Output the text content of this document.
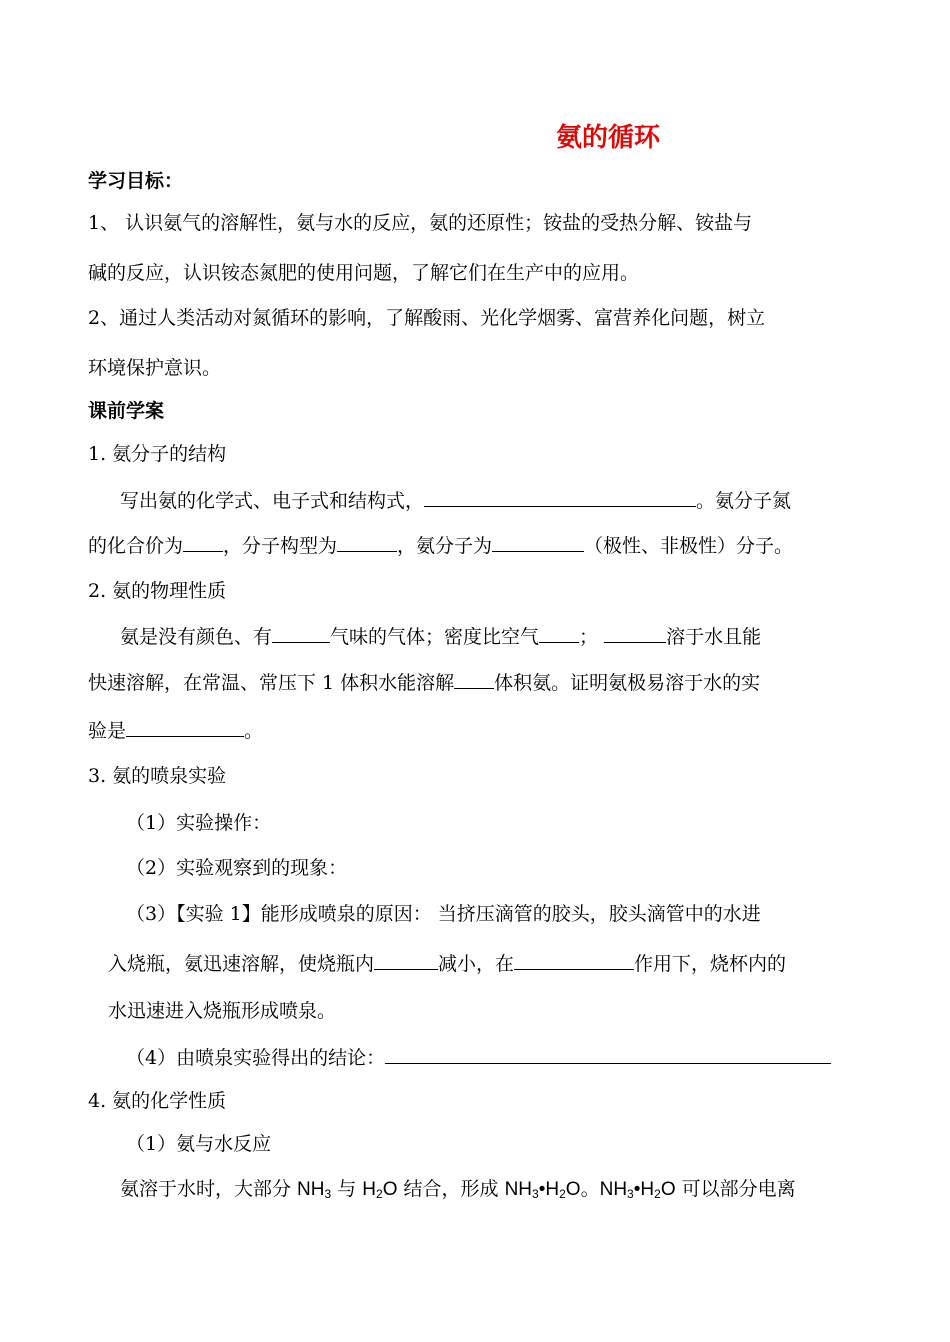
氨的循环
学习目标：
1、 认识氨气的溶解性，氨与水的反应，氨的还原性；铵盐的受热分解、铵盐与
碱的反应，认识铵态氮肥的使用问题，了解它们在生产中的应用。
2、通过人类活动对氮循环的影响，了解酸雨、光化学烟雾、富营养化问题，树立
环境保护意识。
课前学案
1. 氨分子的结构
写出氨的化学式、电子式和结构式，	。氨分子氮
的化合价为 ，分子构型为	，氨分子为	（极性、非极性）分子。
2. 氨的物理性质
氨是没有颜色、有	气味的气体；密度比空气 ；	溶于水且能
快速溶解，在常温、常压下 1 体积水能溶解 体积氨。证明氨极易溶于水的实
验是	。
3. 氨的喷泉实验
（1）实验操作：
（2）实验观察到的现象：
（3）【实验 1】能形成喷泉的原因： 当挤压滴管的胶头，胶头滴管中的水进
入烧瓶，氨迅速溶解，使烧瓶内	减小，在	作用下，烧杯内的
水迅速进入烧瓶形成喷泉。
（4）由喷泉实验得出的结论：
4. 氨的化学性质
（1）氨与水反应
氨溶于水时，大部分 $NH_3$ 与 $H_2O$ 结合，形成 $NH_3•H_2O$。$NH_3•H_2O$ 可以部分电离
